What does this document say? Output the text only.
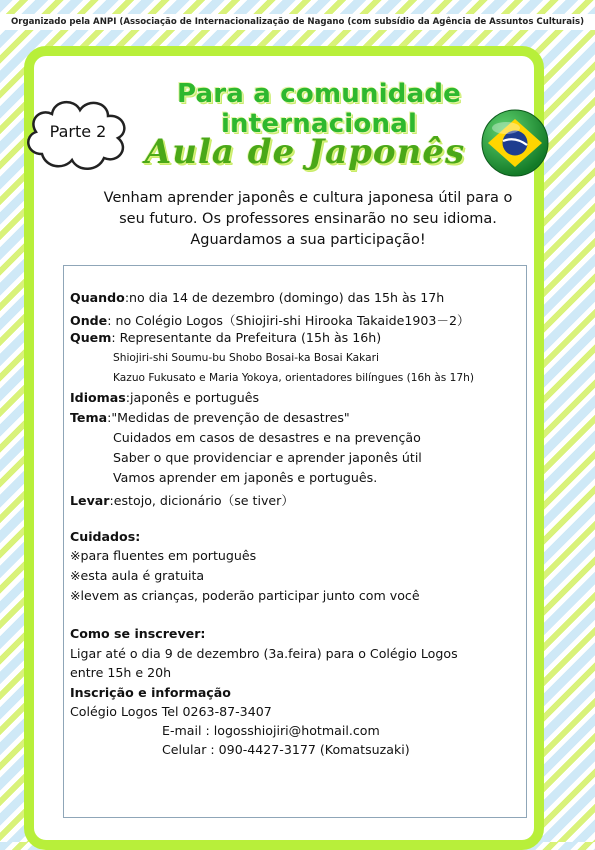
Organizado pela ANPI (Associação de Internacionalização de Nagano (com subsídio da Agência de Assuntos Culturais)
Parte 2
Para a comunidade internacional
Aula de Japonês
Venham aprender japonês e cultura japonesa útil para o
seu futuro. Os professores ensinarão no seu idioma.
Aguardamos a sua participação!
Quando:no dia 14 de dezembro (domingo) das 15h às 17h
Onde: no Colégio Logos（Shiojiri-shi Hirooka Takaide1903－2）
Quem: Representante da Prefeitura (15h às 16h)
Shiojiri-shi Soumu-bu Shobo Bosai-ka Bosai Kakari
Kazuo Fukusato e Maria Yokoya, orientadores bilíngues (16h às 17h)
Idiomas:japonês e português
Tema:"Medidas de prevenção de desastres"
Cuidados em casos de desastres e na prevenção
Saber o que providenciar e aprender japonês útil
Vamos aprender em japonês e português.
Levar:estojo, dicionário（se tiver）
Cuidados:
※para fluentes em português
※esta aula é gratuita
※levem as crianças, poderão participar junto com você
Como se inscrever:
Ligar até o dia 9 de dezembro (3a.feira) para o Colégio Logos
entre 15h e 20h
Inscrição e informação
Colégio Logos Tel 0263-87-3407
E-mail : logosshiojiri@hotmail.com
Celular : 090-4427-3177 (Komatsuzaki)
